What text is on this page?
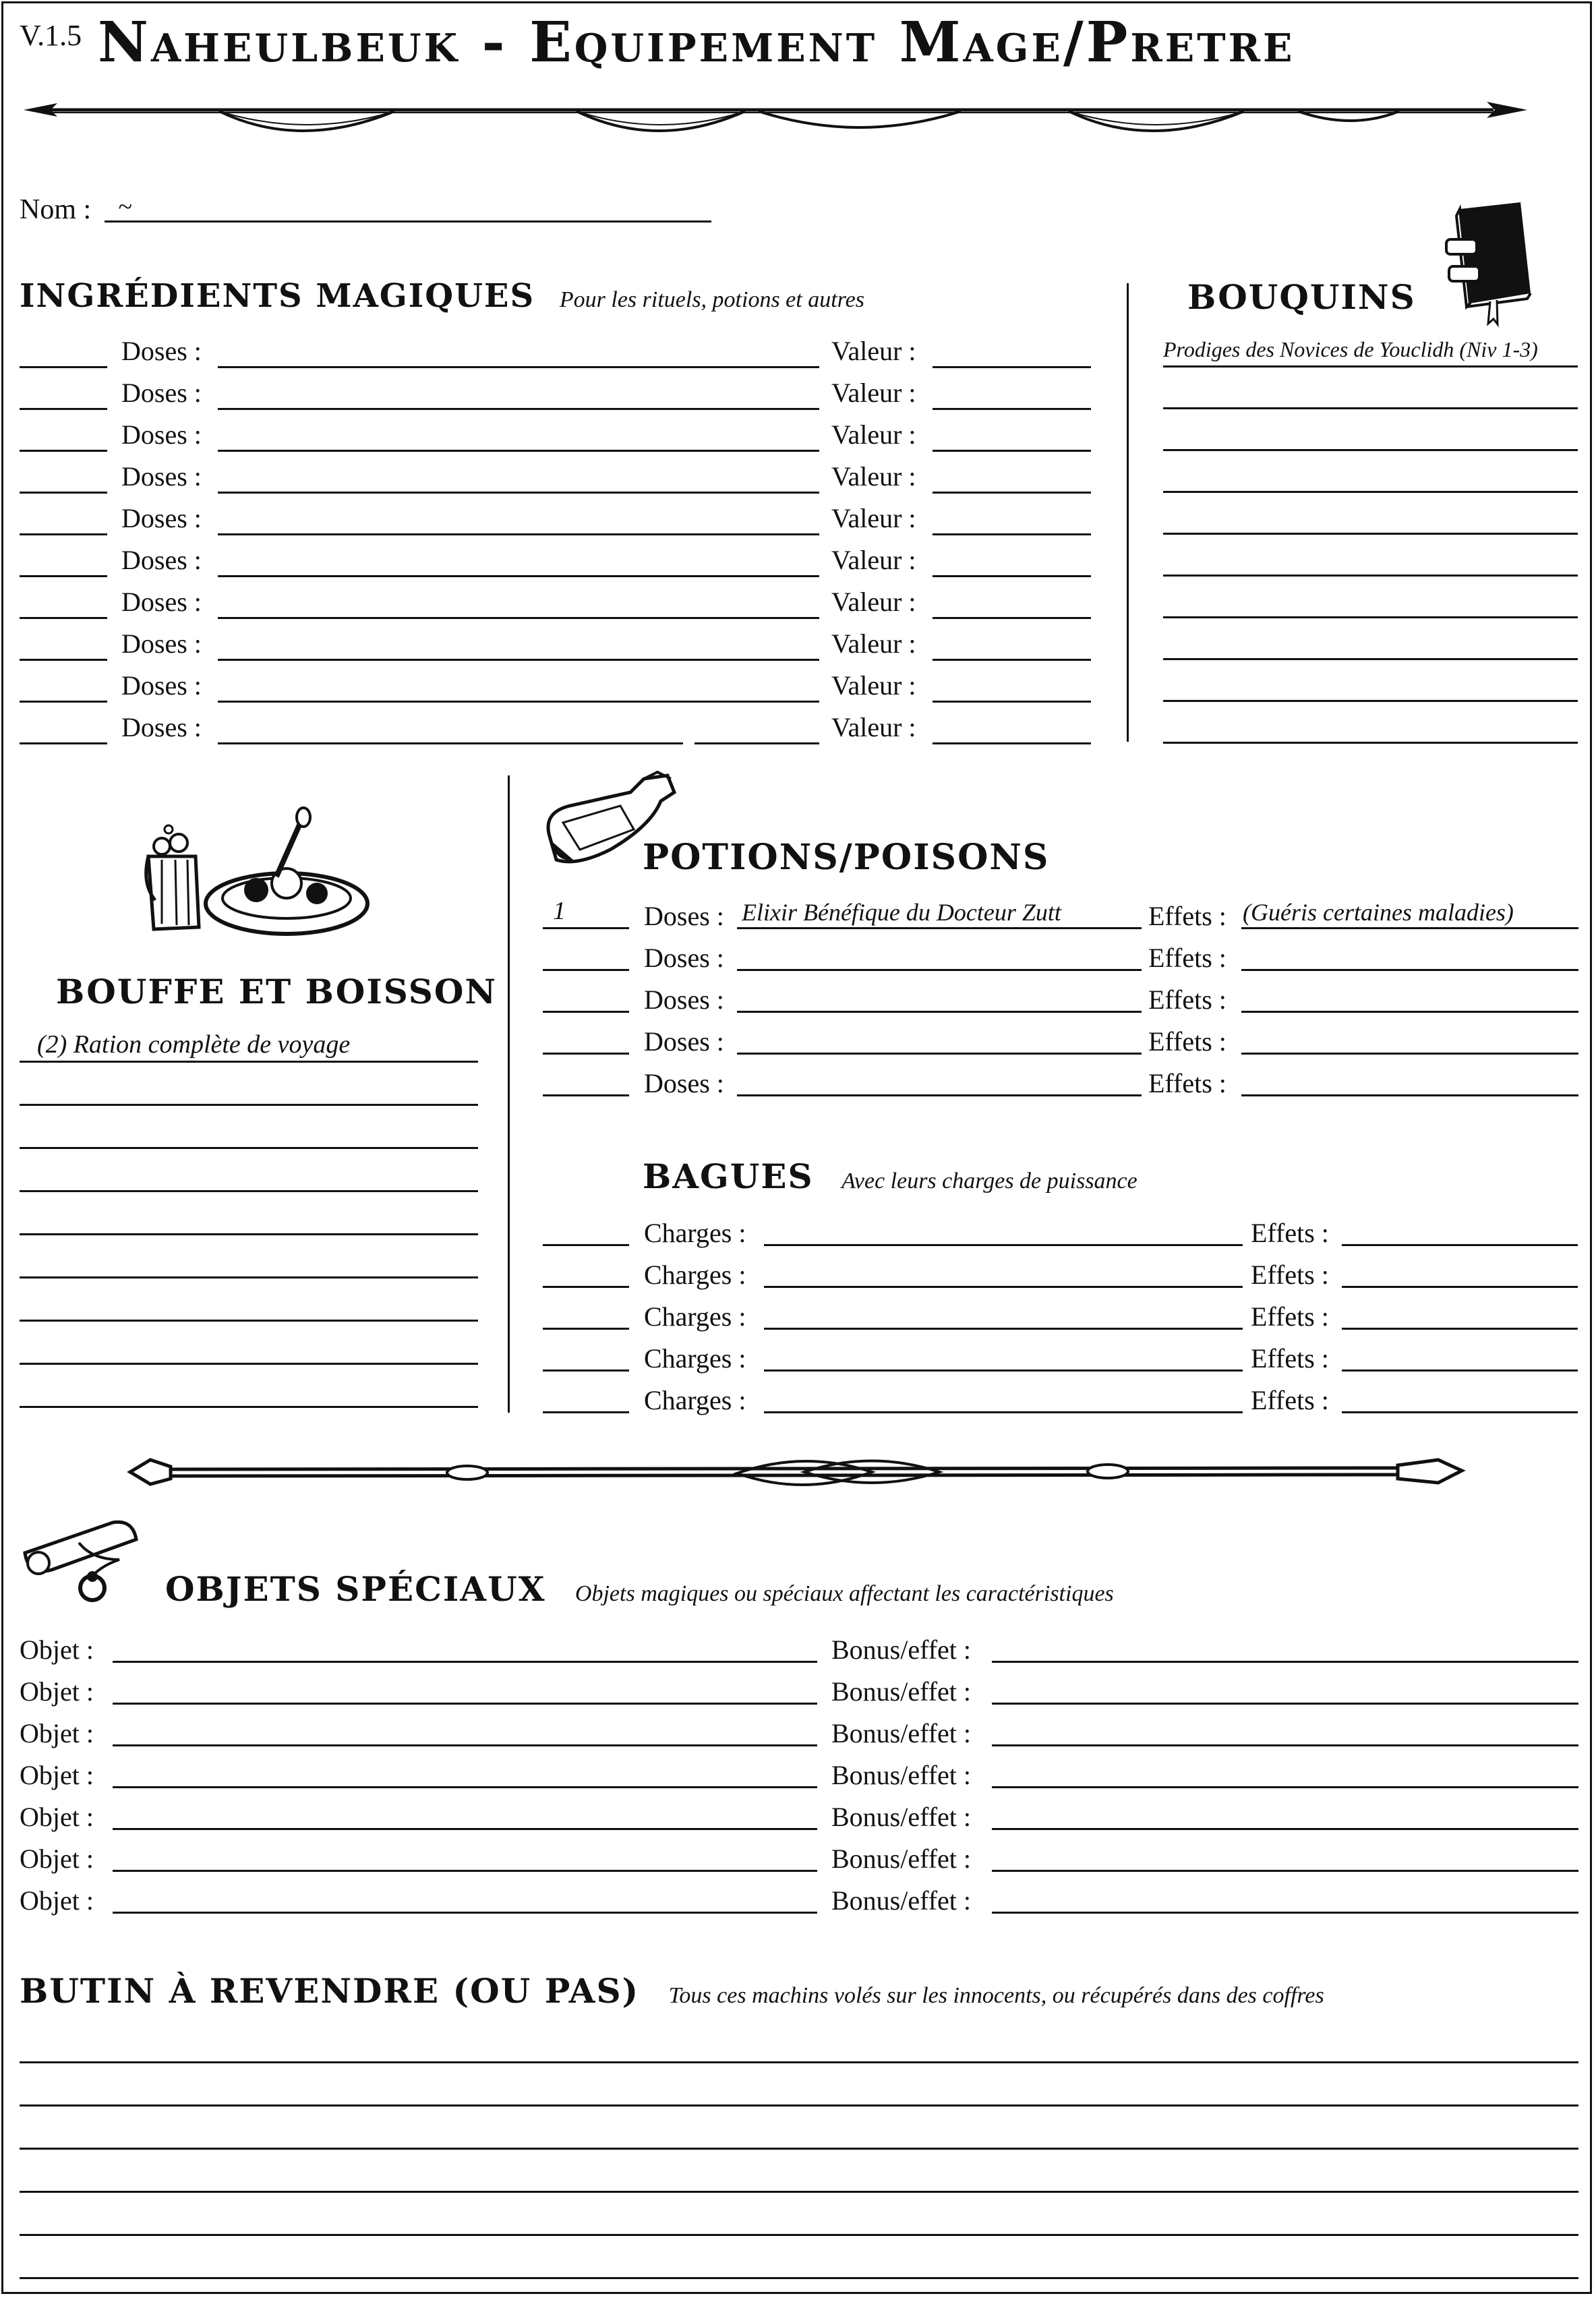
V.1.5 Naheulbeuk - Equipement Mage/Pretre
Nom : ~
INGRÉDIENTS MAGIQUES Pour les rituels, potions et autres
Doses :	Valeur :
Doses :	Valeur :
Doses :	Valeur :
Doses :	Valeur :
Doses :	Valeur :
Doses :	Valeur :
Doses :	Valeur :
Doses :	Valeur :
Doses :	Valeur :
Doses :	Valeur :
BOUQUINS
Prodiges des Novices de Youclidh (Niv 1-3)
BOUFFE ET BOISSON
(2) Ration complète de voyage
POTIONS/POISONS
1	Doses : Elixir Bénéfique du Docteur Zutt	Effets : (Guéris certaines maladies)
Doses :	Effets :
Doses :	Effets :
Doses :	Effets :
Doses :	Effets :
BAGUES Avec leurs charges de puissance
Charges :	Effets :
Charges :	Effets :
Charges :	Effets :
Charges :	Effets :
Charges :	Effets :
OBJETS SPÉCIAUX Objets magiques ou spéciaux affectant les caractéristiques
Objet :	Bonus/effet :
Objet :	Bonus/effet :
Objet :	Bonus/effet :
Objet :	Bonus/effet :
Objet :	Bonus/effet :
Objet :	Bonus/effet :
Objet :	Bonus/effet :
BUTIN À REVENDRE (OU PAS) Tous ces machins volés sur les innocents, ou récupérés dans des coffres
